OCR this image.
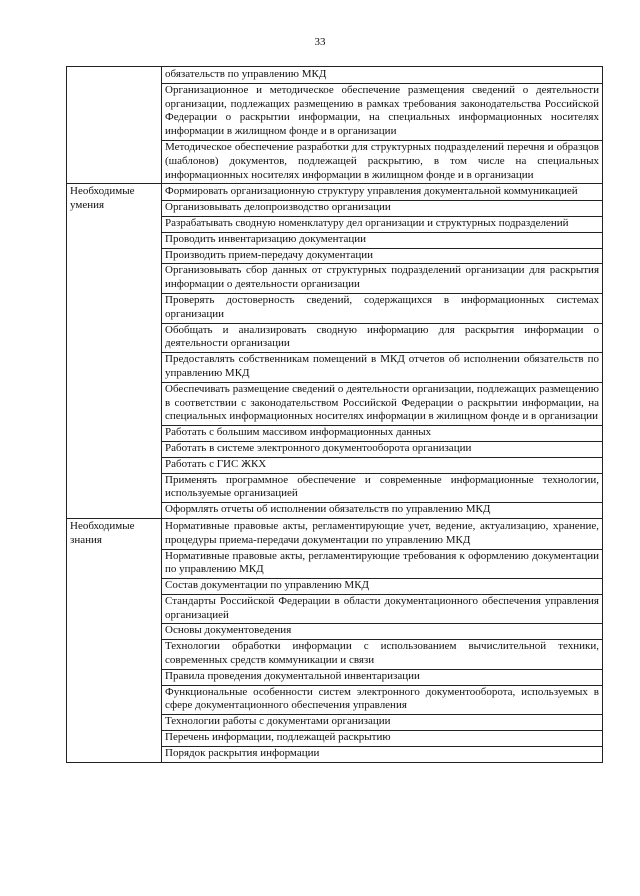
33
	обязательств по управлению МКД
	Организационное и методическое обеспечение размещения сведений о деятельности организации, подлежащих размещению в рамках требования законодательства Российской Федерации о раскрытии информации, на специальных информационных носителях информации в жилищном фонде и в организации
	Методическое обеспечение разработки для структурных подразделений перечня и образцов (шаблонов) документов, подлежащей раскрытию, в том числе на специальных информационных носителях информации в жилищном фонде и в организации
Необходимые умения	Формировать организационную структуру управления документальной коммуникацией
	Организовывать делопроизводство организации
	Разрабатывать сводную номенклатуру дел организации и структурных подразделений
	Проводить инвентаризацию документации
	Производить прием-передачу документации
	Организовывать сбор данных от структурных подразделений организации для раскрытия информации о деятельности организации
	Проверять достоверность сведений, содержащихся в информационных системах организации
	Обобщать и анализировать сводную информацию для раскрытия информации о деятельности организации
	Предоставлять собственникам помещений в МКД отчетов об исполнении обязательств по управлению МКД
	Обеспечивать размещение сведений о деятельности организации, подлежащих размещению в соответствии с законодательством Российской Федерации о раскрытии информации, на специальных информационных носителях информации в жилищном фонде и в организации
	Работать с большим массивом информационных данных
	Работать в системе электронного документооборота организации
	Работать с ГИС ЖКХ
	Применять программное обеспечение и современные информационные технологии, используемые организацией
	Оформлять отчеты об исполнении обязательств по управлению МКД
Необходимые знания	Нормативные правовые акты, регламентирующие учет, ведение, актуализацию, хранение, процедуры приема-передачи документации по управлению МКД
	Нормативные правовые акты, регламентирующие требования к оформлению документации по управлению МКД
	Состав документации по управлению МКД
	Стандарты Российской Федерации в области документационного обеспечения управления организацией
	Основы документоведения
	Технологии обработки информации с использованием вычислительной техники, современных средств коммуникации и связи
	Правила проведения документальной инвентаризации
	Функциональные особенности систем электронного документооборота, используемых в сфере документационного обеспечения управления
	Технологии работы с документами организации
	Перечень информации, подлежащей раскрытию
	Порядок раскрытия информации
